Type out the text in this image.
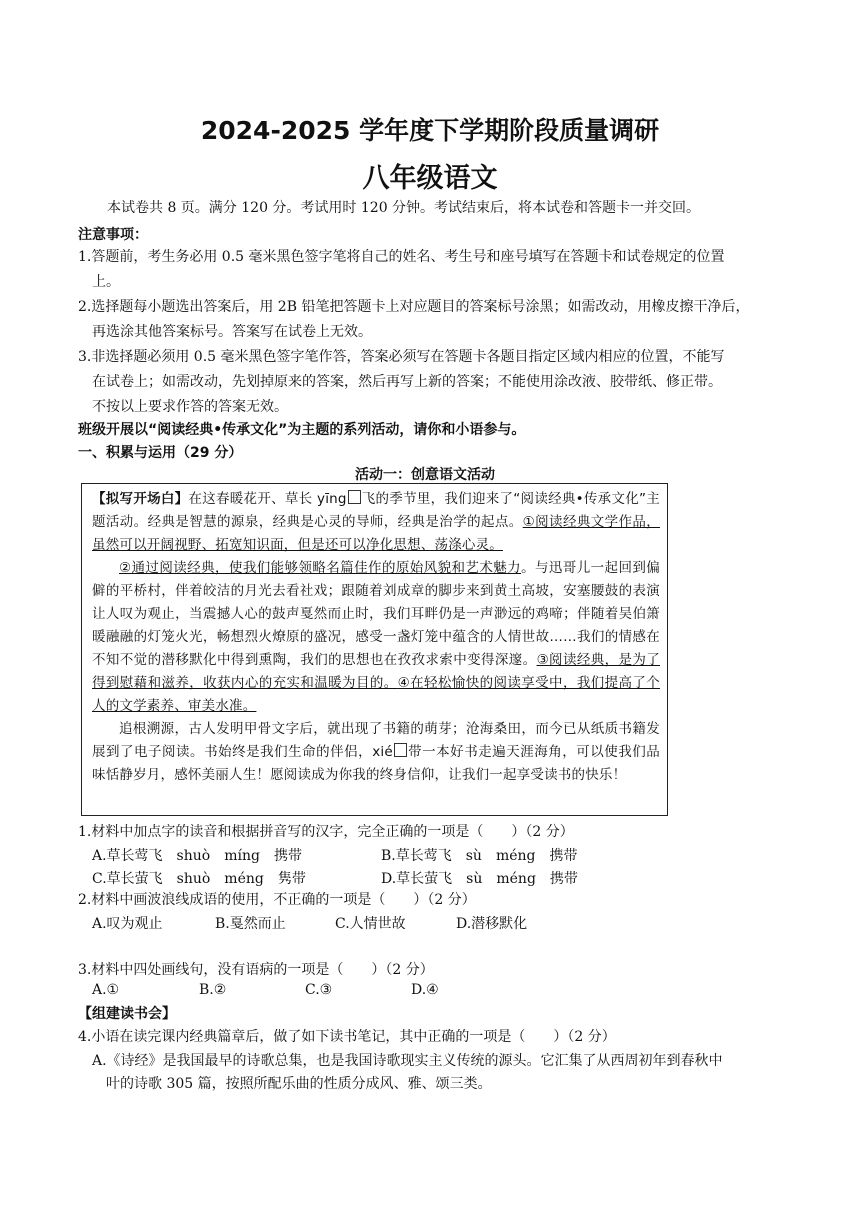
2024-2025 学年度下学期阶段质量调研
八年级语文
本试卷共 8 页。满分 120 分。考试用时 120 分钟。考试结束后，将本试卷和答题卡一并交回。
注意事项：
1.答题前，考生务必用 0.5 毫米黑色签字笔将自己的姓名、考生号和座号填写在答题卡和试卷规定的位置
上。
2.选择题每小题选出答案后，用 2B 铅笔把答题卡上对应题目的答案标号涂黑；如需改动，用橡皮擦干净后，
再选涂其他答案标号。答案写在试卷上无效。
3.非选择题必须用 0.5 毫米黑色签字笔作答，答案必须写在答题卡各题目指定区域内相应的位置，不能写
在试卷上；如需改动，先划掉原来的答案，然后再写上新的答案；不能使用涂改液、胶带纸、修正带。
不按以上要求作答的答案无效。
班级开展以“阅读经典•传承文化”为主题的系列活动，请你和小语参与。
一、积累与运用（29 分）
活动一：创意语文活动

【拟写开场白】在这春暖花开、草长 yīng 飞的季节里，我们迎来了“阅读经典•传承文化”主题活动。经典是智慧的源泉，经典是心灵的导师，经典是治学的起点。①阅读经典文学作品，虽然可以开阔视野、拓宽知识面，但是还可以净化思想、荡涤心灵。

②通过阅读经典，使我们能够领略名篇佳作的原始风貌和艺术魅力。与迅哥儿一起回到偏僻的平桥村，伴着皎洁的月光去看社戏；跟随着刘成章的脚步来到黄土高坡，安塞腰鼓的表演让人叹为观止，当震撼人心的鼓声戛然而止时，我们耳畔仍是一声渺远的鸡啼；伴随着吴伯箫暖融融的灯笼火光，畅想烈火燎原的盛况，感受一盏灯笼中蕴含的人情世故……我们的情感在不知不觉的潜移默化中得到熏陶，我们的思想也在孜孜求索中变得深邃。③阅读经典，是为了得到慰藉和滋养，收获内心的充实和温暖为目的。④在轻松愉快的阅读享受中，我们提高了个人的文学素养、审美水准。

追根溯源，古人发明甲骨文字后，就出现了书籍的萌芽；沧海桑田，而今已从纸质书籍发展到了电子阅读。书始终是我们生命的伴侣，xié 带一本好书走遍天涯海角，可以使我们品味恬静岁月，感怀美丽人生！愿阅读成为你我的终身信仰，让我们一起享受读书的快乐！

1.材料中加点字的读音和根据拼音写的汉字，完全正确的一项是（　　）（2 分）
A.草长莺飞　shuò　míng　携带	B.草长莺飞　sù　méng　携带
C.草长萤飞　shuò　méng　隽带	D.草长萤飞　sù　méng　携带
2.材料中画波浪线成语的使用，不正确的一项是（　　）（2 分）
A.叹为观止	B.戛然而止	C.人情世故	D.潜移默化
3.材料中四处画线句，没有语病的一项是（　　）（2 分）
A.①	B.②	C.③	D.④
【组建读书会】
4.小语在读完课内经典篇章后，做了如下读书笔记，其中正确的一项是（　　）（2 分）
A.《诗经》是我国最早的诗歌总集，也是我国诗歌现实主义传统的源头。它汇集了从西周初年到春秋中
叶的诗歌 305 篇，按照所配乐曲的性质分成风、雅、颂三类。
